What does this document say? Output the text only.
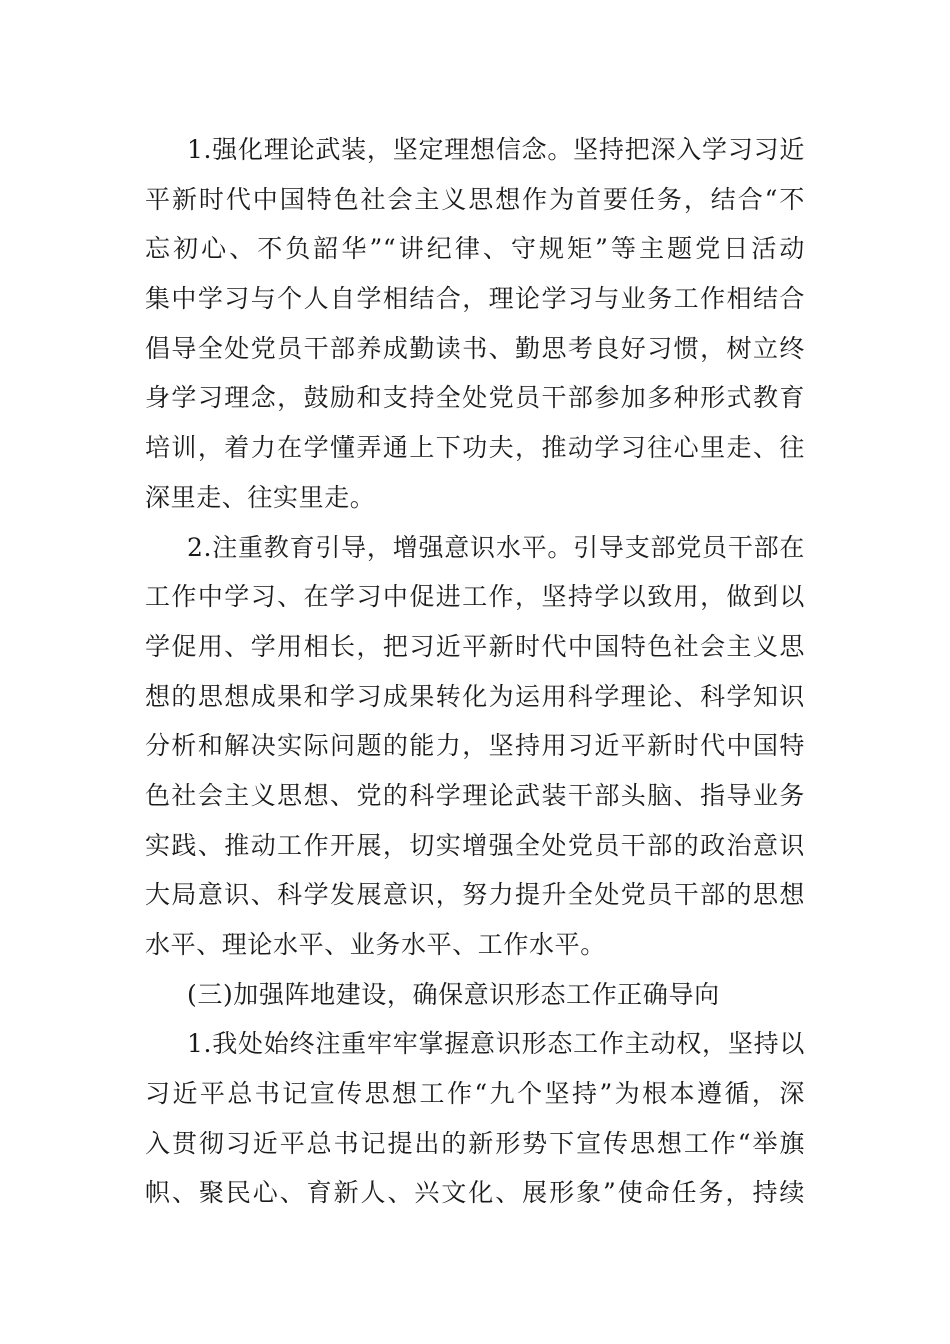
1.强化理论武装，坚定理想信念。坚持把深入学习习近
平新时代中国特色社会主义思想作为首要任务，结合“不
忘初心、不负韶华”“讲纪律、守规矩”等主题党日活动
集中学习与个人自学相结合，理论学习与业务工作相结合
倡导全处党员干部养成勤读书、勤思考良好习惯，树立终
身学习理念，鼓励和支持全处党员干部参加多种形式教育
培训，着力在学懂弄通上下功夫，推动学习往心里走、往
深里走、往实里走。
2.注重教育引导，增强意识水平。引导支部党员干部在
工作中学习、在学习中促进工作，坚持学以致用，做到以
学促用、学用相长，把习近平新时代中国特色社会主义思
想的思想成果和学习成果转化为运用科学理论、科学知识
分析和解决实际问题的能力，坚持用习近平新时代中国特
色社会主义思想、党的科学理论武装干部头脑、指导业务
实践、推动工作开展，切实增强全处党员干部的政治意识
大局意识、科学发展意识，努力提升全处党员干部的思想
水平、理论水平、业务水平、工作水平。
(三)加强阵地建设，确保意识形态工作正确导向
1.我处始终注重牢牢掌握意识形态工作主动权，坚持以
习近平总书记宣传思想工作“九个坚持”为根本遵循，深
入贯彻习近平总书记提出的新形势下宣传思想工作“举旗
帜、聚民心、育新人、兴文化、展形象”使命任务，持续
